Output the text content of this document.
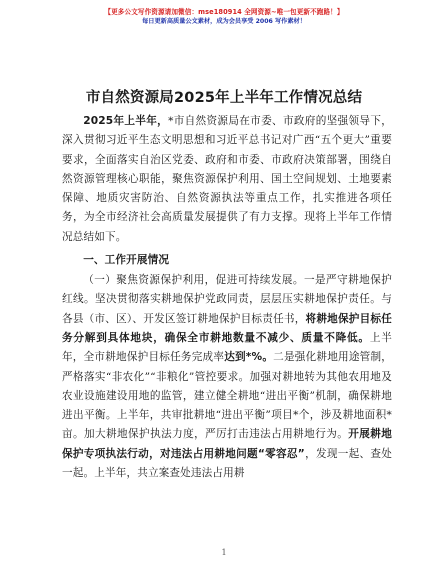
【更多公文写作资源请加微信：mse180914 全网资源~唯一包更新不跑路！】
每日更新高质量公文素材，成为会员享受 2006 写作素材！
市自然资源局2025年上半年工作情况总结

2025年上半年，*市自然资源局在市委、市政府的坚强领导下，深入贯彻习近平生态文明思想和习近平总书记对广西“五个更大”重要要求，全面落实自治区党委、政府和市委、市政府决策部署，围绕自然资源管理核心职能，聚焦资源保护利用、国土空间规划、土地要素保障、地质灾害防治、自然资源执法等重点工作，扎实推进各项任务，为全市经济社会高质量发展提供了有力支撑。现将上半年工作情况总结如下。

一、工作开展情况

（一）聚焦资源保护利用，促进可持续发展。一是严守耕地保护红线。坚决贯彻落实耕地保护党政同责，层层压实耕地保护责任。与各县（市、区）、开发区签订耕地保护目标责任书，将耕地保护目标任务分解到具体地块，确保全市耕地数量不减少、质量不降低。上半年，全市耕地保护目标任务完成率达到*%。二是强化耕地用途管制，严格落实“非农化”“非粮化”管控要求。加强对耕地转为其他农用地及农业设施建设用地的监管，建立健全耕地“进出平衡”机制，确保耕地进出平衡。上半年，共审批耕地“进出平衡”项目*个，涉及耕地面积*亩。加大耕地保护执法力度，严厉打击违法占用耕地行为。开展耕地保护专项执法行动，对违法占用耕地问题“零容忍”，发现一起、查处一起。上半年，共立案查处违法占用耕

1
